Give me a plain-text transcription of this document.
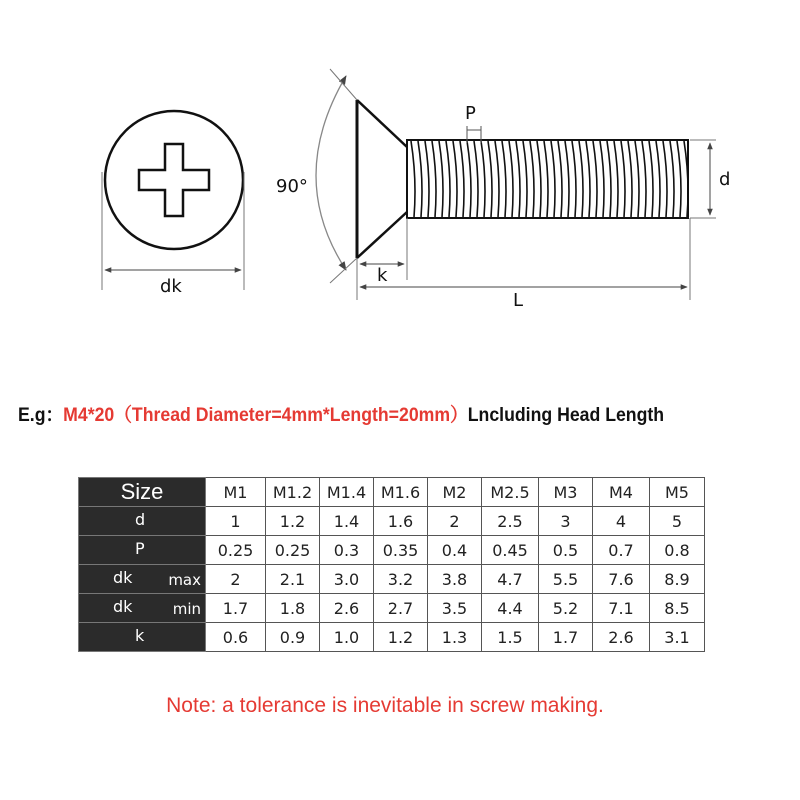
dk
90°
P
d
k
L
E.g：M4*20（Thread Diameter=4mm*Length=20mm）Lncluding Head Length
Size	M1	M1.2	M1.4	M1.6	M2	M2.5	M3	M4	M5

d	1	1.2	1.4	1.6	2	2.5	3	4	5

P	0.25	0.25	0.3	0.35	0.4	0.45	0.5	0.7	0.8

dk max	2	2.1	3.0	3.2	3.8	4.7	5.5	7.6	8.9

dk min	1.7	1.8	2.6	2.7	3.5	4.4	5.2	7.1	8.5

k	0.6	0.9	1.0	1.2	1.3	1.5	1.7	2.6	3.1
Note: a tolerance is inevitable in screw making.
